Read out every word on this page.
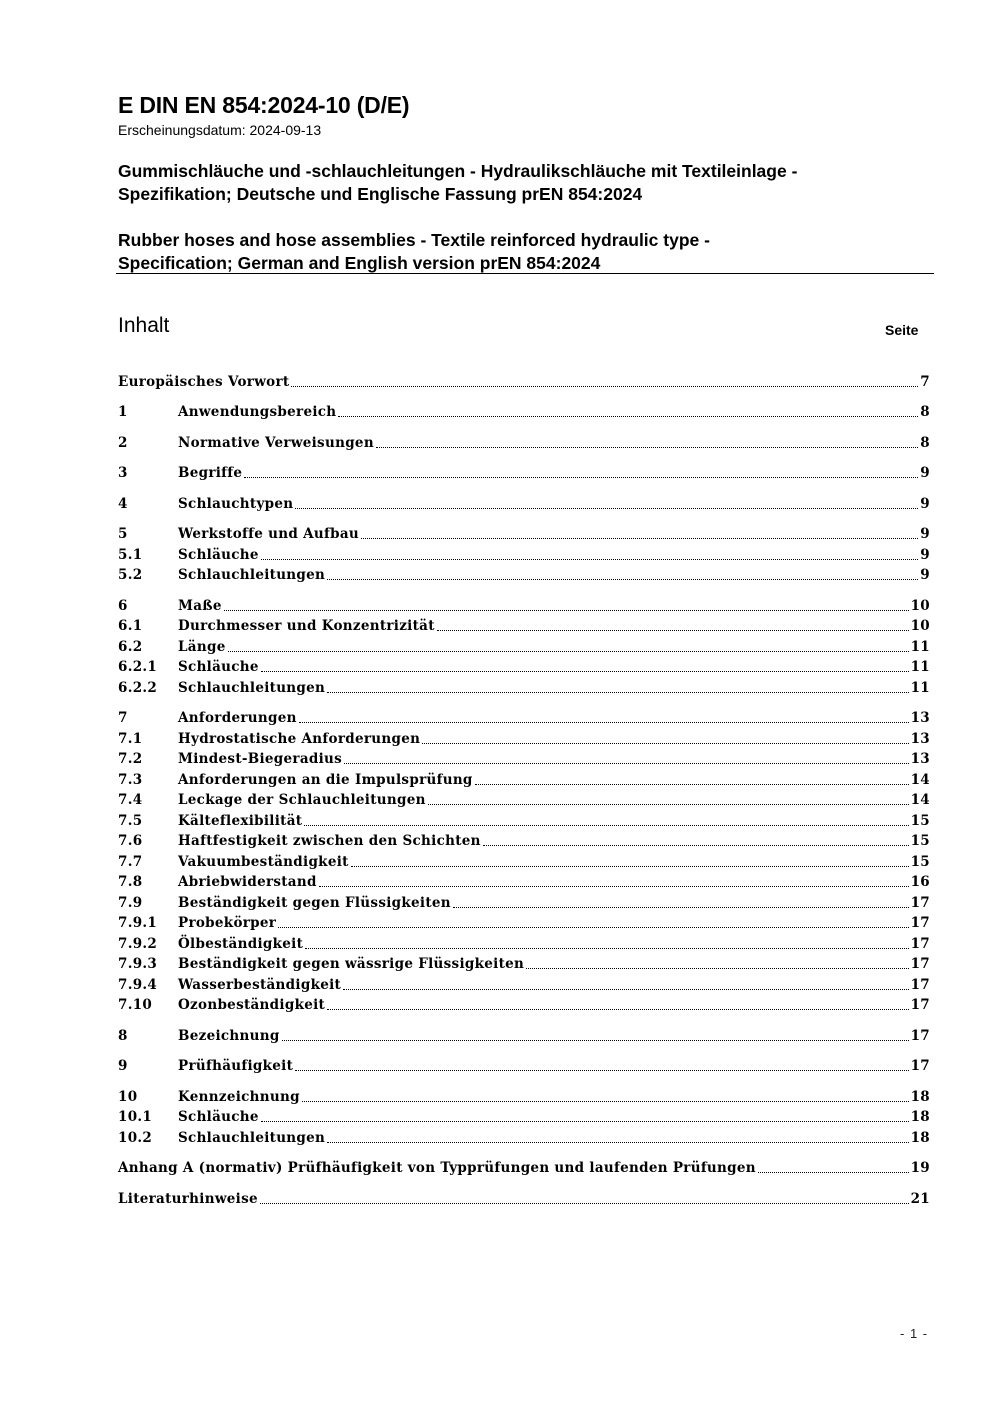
E DIN EN 854:2024-10 (D/E)
Erscheinungsdatum: 2024-09-13
Gummischläuche und -schlauchleitungen - Hydraulikschläuche mit Textileinlage -
Spezifikation; Deutsche und Englische Fassung prEN 854:2024
Rubber hoses and hose assemblies - Textile reinforced hydraulic type -
Specification; German and English version prEN 854:2024
Inhalt	Seite
Europäisches Vorwort	7
1	Anwendungsbereich	8
2	Normative Verweisungen	8
3	Begriffe	9
4	Schlauchtypen	9
5	Werkstoffe und Aufbau	9
5.1	Schläuche	9
5.2	Schlauchleitungen	9
6	Maße	10
6.1	Durchmesser und Konzentrizität	10
6.2	Länge	11
6.2.1	Schläuche	11
6.2.2	Schlauchleitungen	11
7	Anforderungen	13
7.1	Hydrostatische Anforderungen	13
7.2	Mindest-Biegeradius	13
7.3	Anforderungen an die Impulsprüfung	14
7.4	Leckage der Schlauchleitungen	14
7.5	Kälteflexibilität	15
7.6	Haftfestigkeit zwischen den Schichten	15
7.7	Vakuumbeständigkeit	15
7.8	Abriebwiderstand	16
7.9	Beständigkeit gegen Flüssigkeiten	17
7.9.1	Probekörper	17
7.9.2	Ölbeständigkeit	17
7.9.3	Beständigkeit gegen wässrige Flüssigkeiten	17
7.9.4	Wasserbeständigkeit	17
7.10	Ozonbeständigkeit	17
8	Bezeichnung	17
9	Prüfhäufigkeit	17
10	Kennzeichnung	18
10.1	Schläuche	18
10.2	Schlauchleitungen	18
Anhang A (normativ) Prüfhäufigkeit von Typprüfungen und laufenden Prüfungen	19
Literaturhinweise	21
- 1 -
